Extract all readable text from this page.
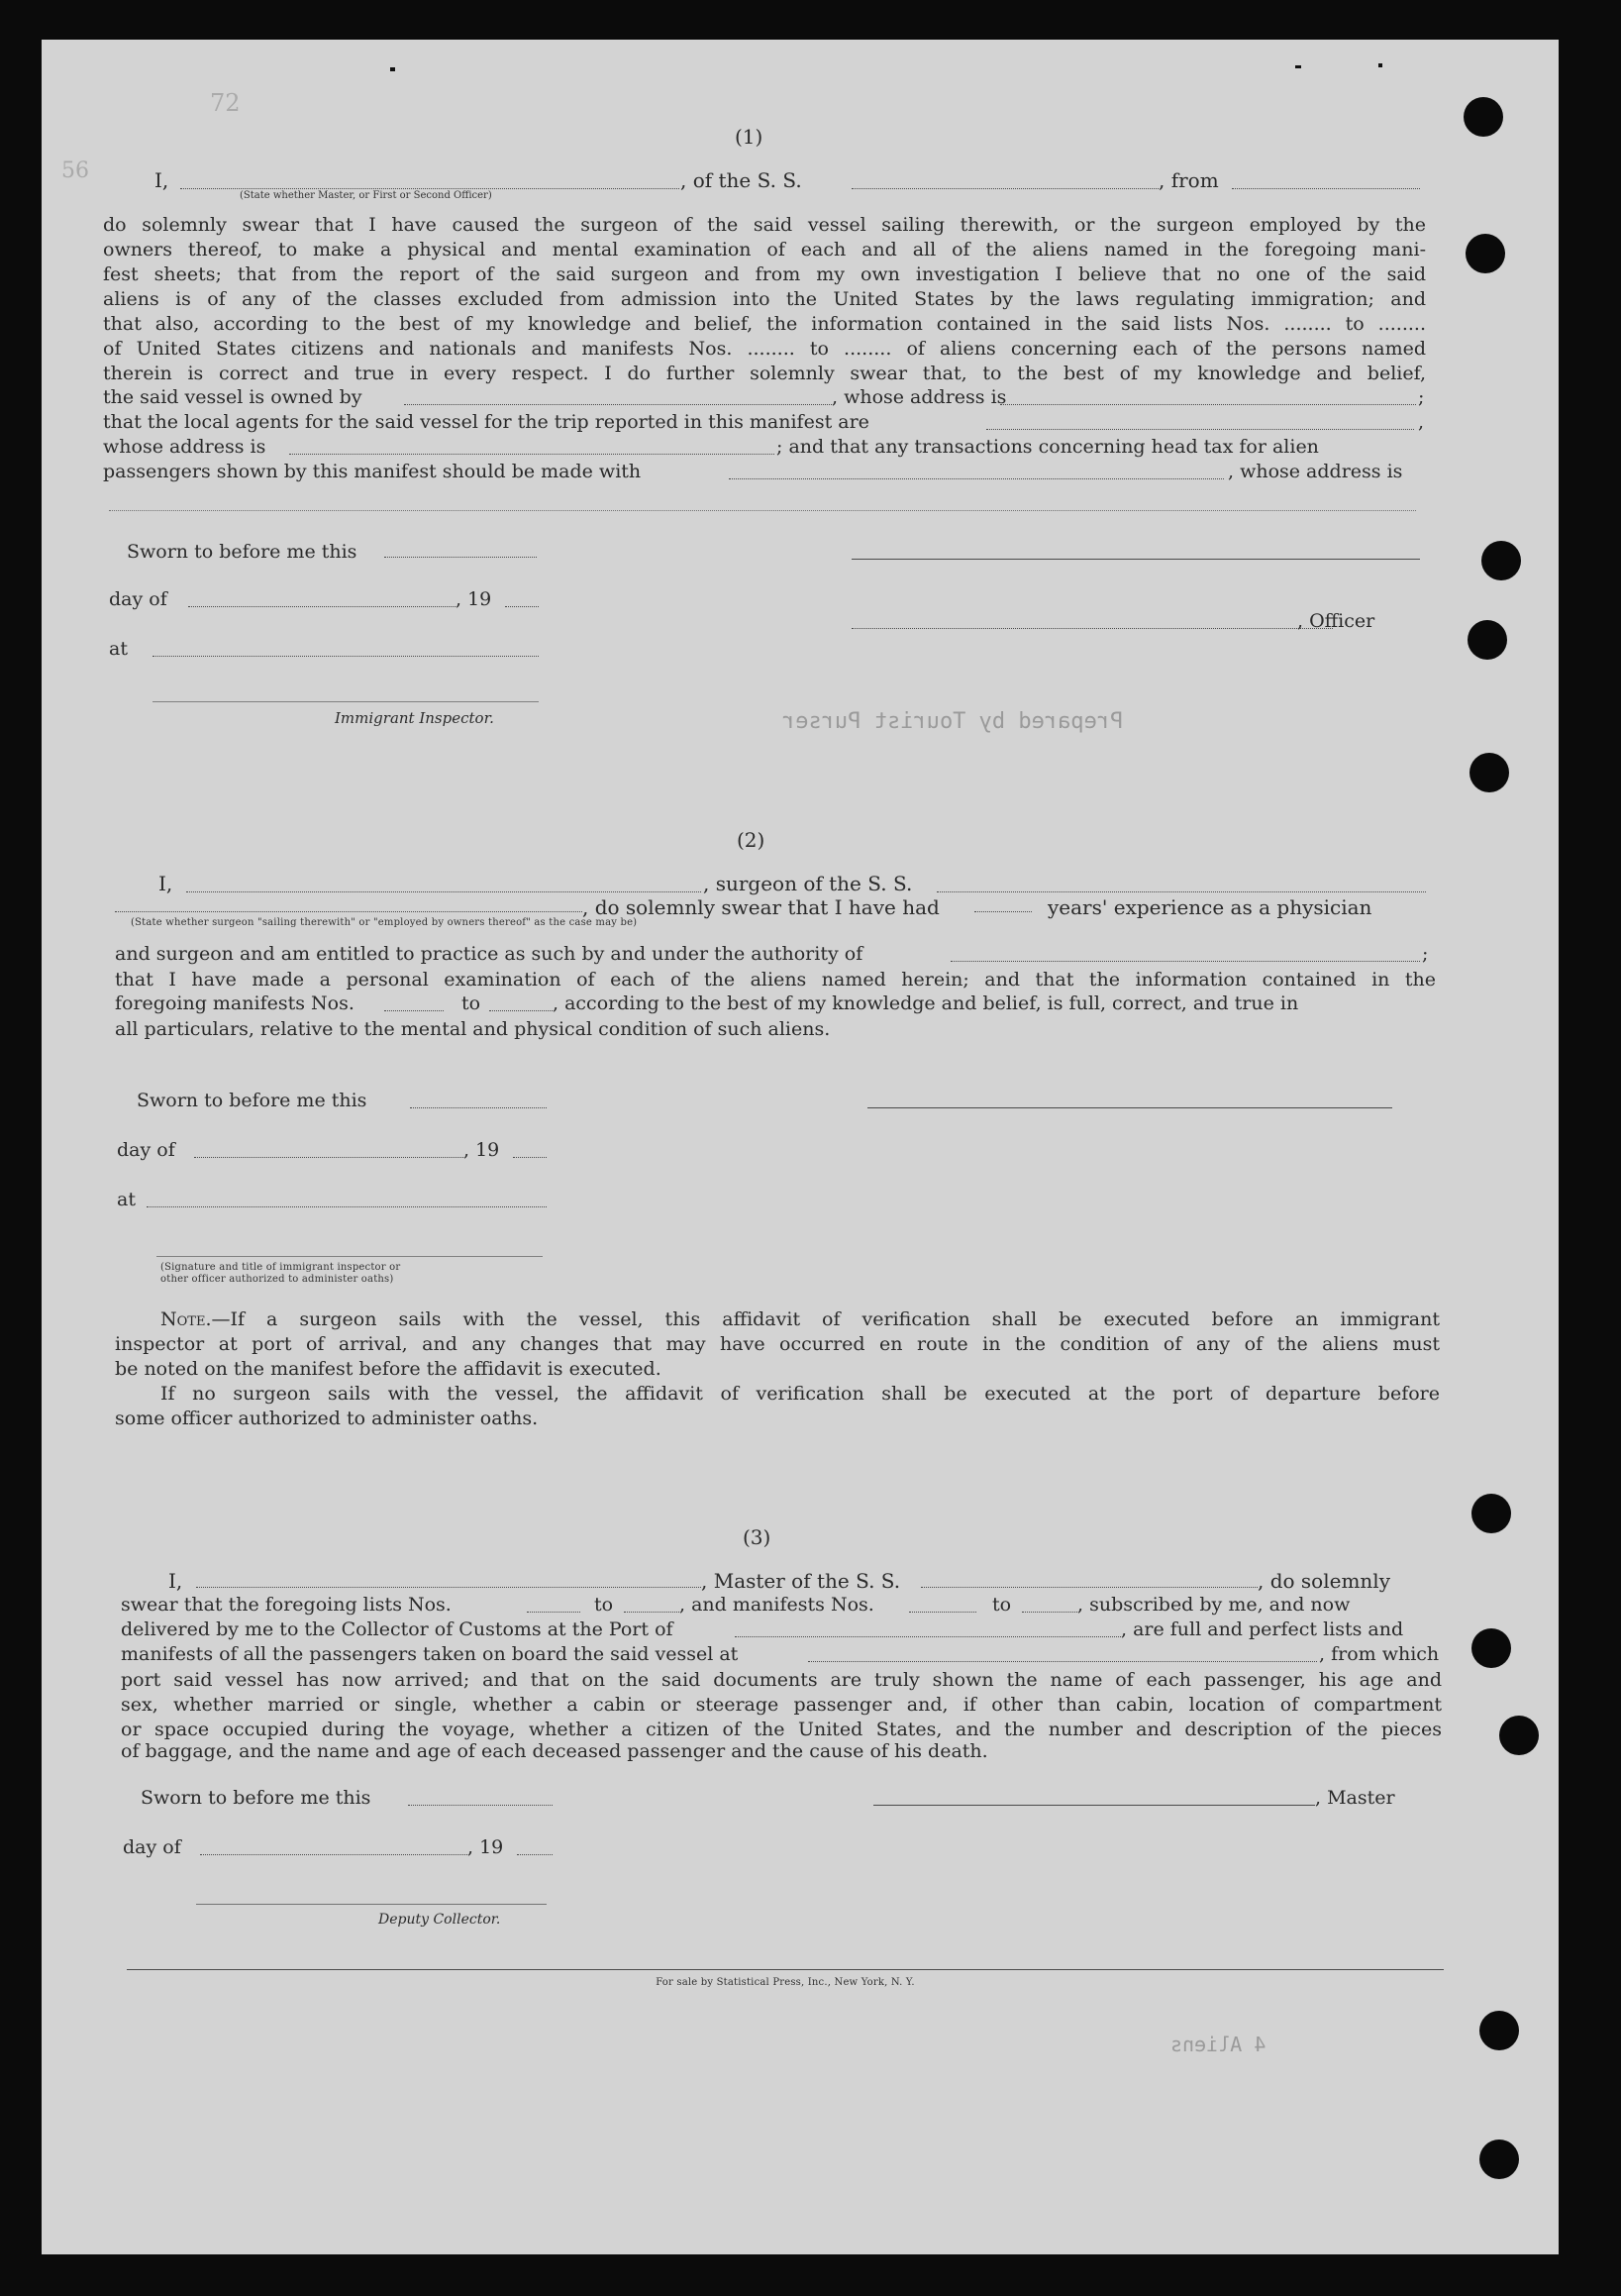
(1)
72
56	I,	, of the S. S.	, from
(State whether Master, or First or Second Officer)
do solemnly swear that I have caused the surgeon of the said vessel sailing therewith, or the surgeon employed by the
owners thereof, to make a physical and mental examination of each and all of the aliens named in the foregoing mani-
fest sheets; that from the report of the said surgeon and from my own investigation I believe that no one of the said
aliens is of any of the classes excluded from admission into the United States by the laws regulating immigration; and
that also, according to the best of my knowledge and belief, the information contained in the said lists Nos. ........ to ........
of United States citizens and nationals and manifests Nos. ........ to ........ of aliens concerning each of the persons named
therein is correct and true in every respect. I do further solemnly swear that, to the best of my knowledge and belief,
the said vessel is owned by	, whose address is	;
that the local agents for the said vessel for the trip reported in this manifest are	,
whose address is	; and that any transactions concerning head tax for alien
passengers shown by this manifest should be made with	, whose address is
Sworn to before me this
day of	, 19
, Officer
at
Immigrant Inspector.	Prepared by Tourist Purser
(2)
I,	, surgeon of the S. S.
, do solemnly swear that I have had	years' experience as a physician
(State whether surgeon "sailing therewith" or "employed by owners thereof" as the case may be)
and surgeon and am entitled to practice as such by and under the authority of	;
that I have made a personal examination of each of the aliens named herein; and that the information contained in the
foregoing manifests Nos.	to	, according to the best of my knowledge and belief, is full, correct, and true in
all particulars, relative to the mental and physical condition of such aliens.
Sworn to before me this
day of	, 19
at
(Signature and title of immigrant inspector or
other officer authorized to administer oaths)
Note.—If a surgeon sails with the vessel, this affidavit of verification shall be executed before an immigrant
inspector at port of arrival, and any changes that may have occurred en route in the condition of any of the aliens must
be noted on the manifest before the affidavit is executed.
If no surgeon sails with the vessel, the affidavit of verification shall be executed at the port of departure before
some officer authorized to administer oaths.
(3)
I,	, Master of the S. S.	, do solemnly
swear that the foregoing lists Nos.	to	, and manifests Nos.	to	, subscribed by me, and now
delivered by me to the Collector of Customs at the Port of	, are full and perfect lists and
manifests of all the passengers taken on board the said vessel at	, from which
port said vessel has now arrived; and that on the said documents are truly shown the name of each passenger, his age and
sex, whether married or single, whether a cabin or steerage passenger and, if other than cabin, location of compartment
or space occupied during the voyage, whether a citizen of the United States, and the number and description of the pieces
of baggage, and the name and age of each deceased passenger and the cause of his death.
Sworn to before me this	, Master
day of	, 19
Deputy Collector.
For sale by Statistical Press, Inc., New York, N. Y.
4 Aliens
